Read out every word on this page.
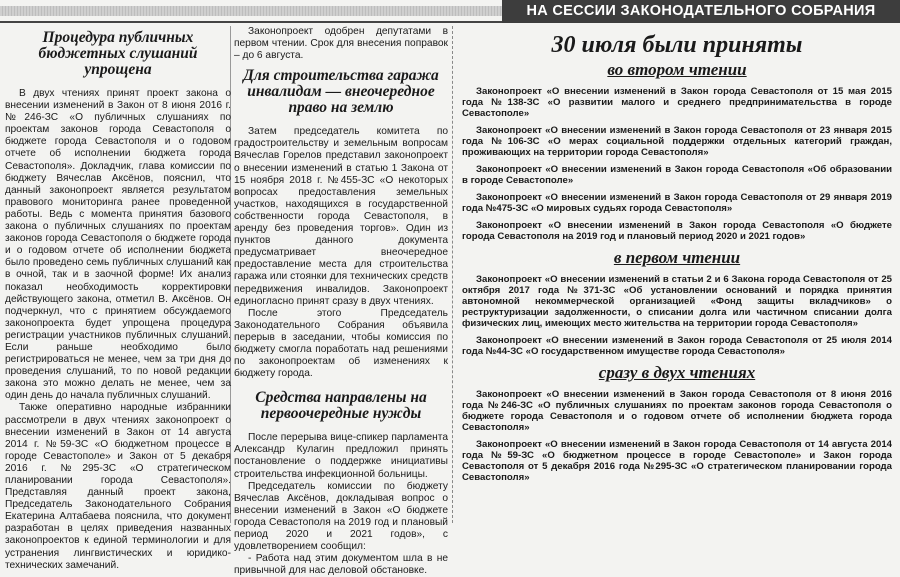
НА СЕССИИ ЗАКОНОДАТЕЛЬНОГО СОБРАНИЯ
Процедура публичных бюджетных слушаний упрощена

В двух чтениях принят проект закона о внесении изменений в Закон от 8 июня 2016 г. №246-ЗС «О публичных слушаниях по проектам законов города Севастополя о бюджете города Севастополя и о годовом отчете об исполнении бюджета города Севастополя». Докладчик, глава комиссии по бюджету Вячеслав Аксёнов, пояснил, что данный законопроект является результатом правового мониторинга ранее проведенной работы. Ведь с момента принятия базового закона о публичных слушаниях по проектам законов города Севастополя о бюджете города и о годовом отчете об исполнении бюджета было проведено семь публичных слушаний как в очной, так и в заочной форме! Их анализ показал необходимость корректировки действующего закона, отметил В. Аксёнов. Он подчеркнул, что с принятием обсуждаемого законопроекта будет упрощена процедура регистрации участников публичных слушаний. Если раньше необходимо было регистрироваться не менее, чем за три дня до проведения слушаний, то по новой редакции закона это можно делать не менее, чем за один день до начала публичных слушаний.

Также оперативно народные избранники рассмотрели в двух чтениях законопроект о внесении изменений в Закон от 14 августа 2014 г. №59-ЗС «О бюджетном процессе в городе Севастополе» и Закон от 5 декабря 2016 г. №295-ЗС «О стратегическом планировании города Севастополя». Представляя данный проект закона, Председатель Законодательного Собрания Екатерина Алтабаева пояснила, что документ разработан в целях приведения названных законопроектов к единой терминологии и для устранения лингвистических и юридико-технических замечаний.

Законопроект одобрен депутатами в первом чтении. Срок для внесения поправок – до 6 августа.

Для строительства гаража инвалидам — внеочередное право на землю

Затем председатель комитета по градостроительству и земельным вопросам Вячеслав Горелов представил законопроект о внесении изменений в статью 1 Закона от 15 ноября 2018 г. №455-ЗС «О некоторых вопросах предоставления земельных участков, находящихся в государственной собственности города Севастополя, в аренду без проведения торгов». Один из пунктов данного документа предусматривает внеочередное предоставление места для строительства гаража или стоянки для технических средств передвижения инвалидов. Законопроект единогласно принят сразу в двух чтениях.

После этого Председатель Законодательного Собрания объявила перерыв в заседании, чтобы комиссия по бюджету смогла поработать над решениями по законопроектам об изменениях к бюджету города.

Средства направлены на первоочередные нужды

После перерыва вице-спикер парламента Александр Кулагин предложил принять постановление о поддержке инициативы строительства инфекционной больницы.

Председатель комиссии по бюджету Вячеслав Аксёнов, докладывая вопрос о внесении изменений в Закон «О бюджете города Севастополя на 2019 год и плановый период 2020 и 2021 годов», с удовлетворением сообщил:

- Работа над этим документом шла в не привычной для нас деловой обстановке.

30 июля были приняты
во втором чтении
Законопроект «О внесении изменений в Закон города Севастополя от 15 мая 2015 года №138-ЗС «О развитии малого и среднего предпринимательства в городе Севастополе»
Законопроект «О внесении изменений в Закон города Севастополя от 23 января 2015 года №106-ЗС «О мерах социальной поддержки отдельных категорий граждан, проживающих на территории города Севастополя»
Законопроект «О внесении изменений в Закон города Севастополя «Об образовании в городе Севастополе»
Законопроект «О внесении изменений в Закон города Севастополя от 29 января 2019 года №475-ЗС «О мировых судьях города Севастополя»
Законопроект «О внесении изменений в Закон города Севастополя «О бюджете города Севастополя на 2019 год и плановый период 2020 и 2021 годов»
в первом чтении
Законопроект «О внесении изменений в статьи 2 и 6 Закона города Севастополя от 25 октября 2017 года №371-ЗС «Об установлении оснований и порядка принятия автономной некоммерческой организацией «Фонд защиты вкладчиков» о реструктуризации задолженности, о списании долга или частичном списании долга физических лиц, имеющих место жительства на территории города Севастополя»
Законопроект «О внесении изменений в Закон города Севастополя от 25 июля 2014 года №44-ЗС «О государственном имуществе города Севастополя»
сразу в двух чтениях
Законопроект «О внесении изменений в Закон города Севастополя от 8 июня 2016 года №246-ЗС «О публичных слушаниях по проектам законов города Севастополя о бюджете города Севастополя и о годовом отчете об исполнении бюджета города Севастополя»
Законопроект «О внесении изменений в Закон города Севастополя от 14 августа 2014 года №59-ЗС «О бюджетном процессе в городе Севастополе» и Закон города Севастополя от 5 декабря 2016 года №295-ЗС «О стратегическом планировании города Севастополя»
